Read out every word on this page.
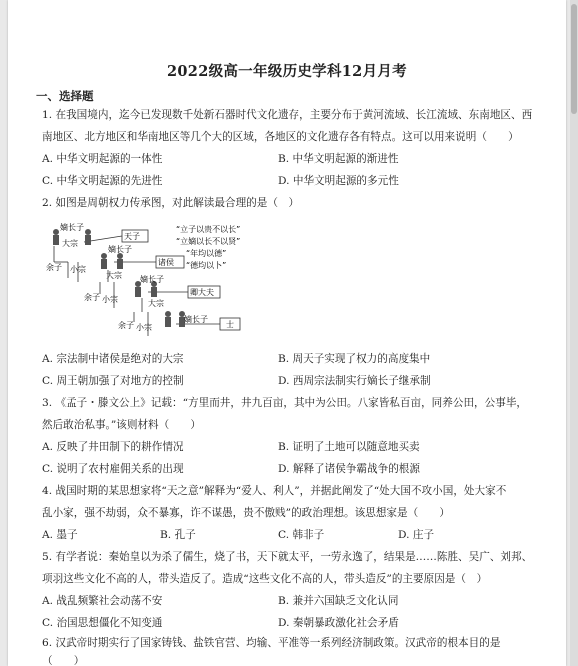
2022级高一年级历史学科12月月考
一、选择题
1. 在我国境内，迄今已发现数千处新石器时代文化遗存，主要分布于黄河流域、长江流域、东南地区、西
南地区、北方地区和华南地区等几个大的区域，各地区的文化遗存各有特点。这可以用来说明（　　）
A. 中华文明起源的一体性	B. 中华文明起源的渐进性
C. 中华文明起源的先进性	D. 中华文明起源的多元性
2. 如图是周朝权力传承图，对此解读最合理的是（　）
嫡长子
大宗
余子 小宗
天子
嫡长子
大宗
诸侯
余子 小宗
嫡长子
大宗
卿大夫
余子 小宗
嫡长子
士
“立子以贵不以长”
“立嫡以长不以贤”
“年均以德”
“德均以卜”
A. 宗法制中诸侯是绝对的大宗	B. 周天子实现了权力的高度集中
C. 周王朝加强了对地方的控制	D. 西周宗法制实行嫡长子继承制
3. 《孟子・滕文公上》记载：“方里而井，井九百亩，其中为公田。八家皆私百亩，同养公田，公事毕，
然后敢治私事。”该则材料（　　）
A. 反映了井田制下的耕作情况	B. 证明了土地可以随意地买卖
C. 说明了农村雇佣关系的出现	D. 解释了诸侯争霸战争的根源
4. 战国时期的某思想家将“天之意”解释为“爱人、利人”，并据此阐发了“处大国不攻小国，处大家不
乱小家，强不劫弱，众不暴寡，诈不谋愚，贵不傲贱”的政治理想。该思想家是（　　）
A. 墨子	B. 孔子	C. 韩非子	D. 庄子
5. 有学者说：秦始皇以为杀了儒生，烧了书，天下就太平，一劳永逸了，结果是……陈胜、吴广、刘邦、
项羽这些文化不高的人，带头造反了。造成“这些文化不高的人，带头造反”的主要原因是（　）
A. 战乱频繁社会动荡不安	B. 兼并六国缺乏文化认同
C. 治国思想僵化不知变通	D. 秦朝暴政激化社会矛盾
6. 汉武帝时期实行了国家铸钱、盐铁官营、均输、平准等一系列经济制政策。汉武帝的根本目的是
（　　）
